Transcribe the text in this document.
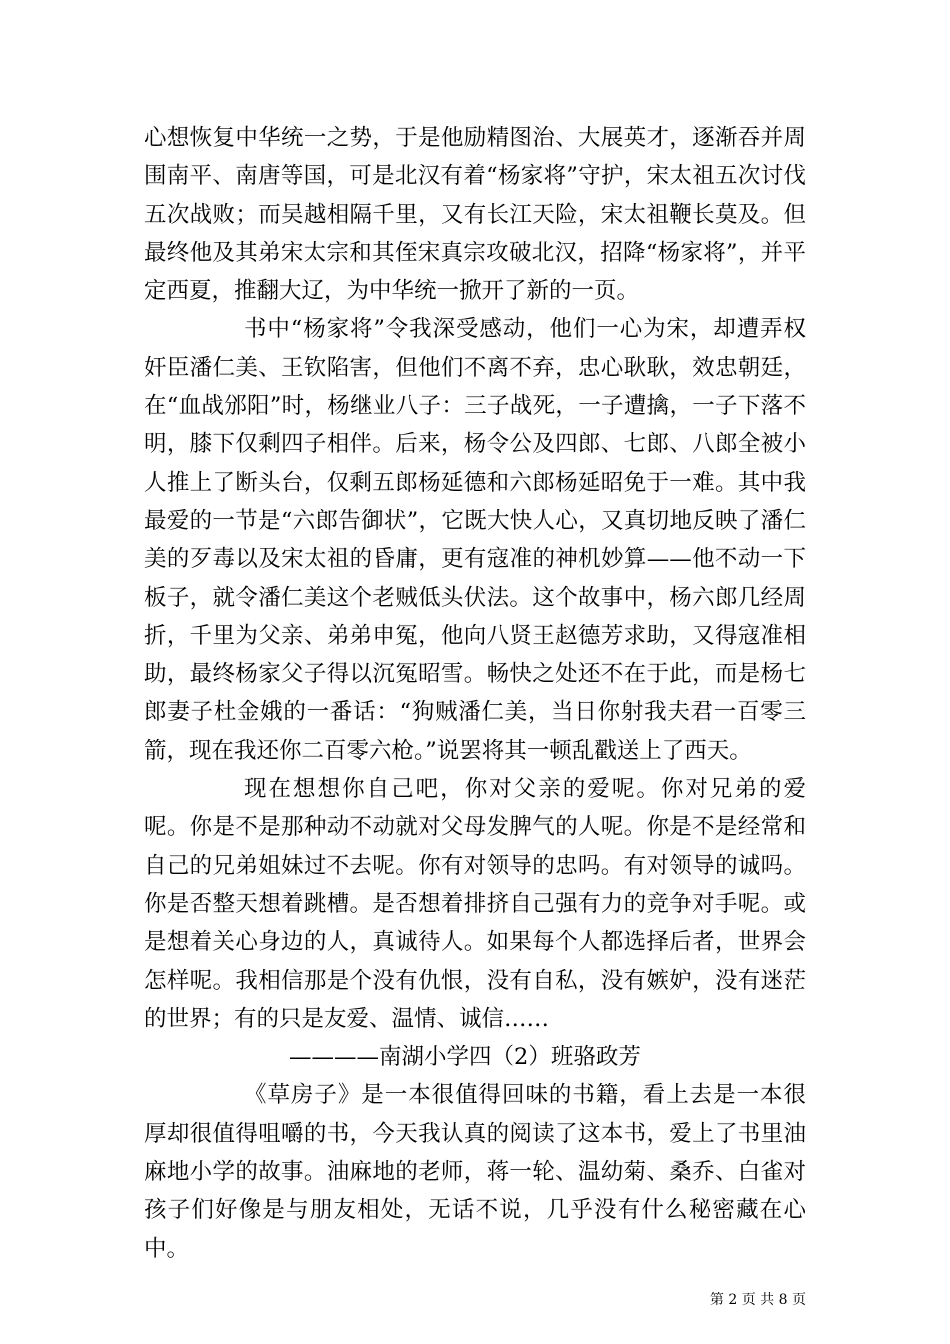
心想恢复中华统一之势，于是他励精图治、大展英才，逐渐吞并周围南平、南唐等国，可是北汉有着“杨家将”守护，宋太祖五次讨伐五次战败；而吴越相隔千里，又有长江天险，宋太祖鞭长莫及。但最终他及其弟宋太宗和其侄宋真宗攻破北汉，招降“杨家将”，并平定西夏，推翻大辽，为中华统一掀开了新的一页。

书中“杨家将”令我深受感动，他们一心为宋，却遭弄权奸臣潘仁美、王钦陷害，但他们不离不弃，忠心耿耿，效忠朝廷，在“血战邠阳”时，杨继业八子：三子战死，一子遭擒，一子下落不明，膝下仅剩四子相伴。后来，杨令公及四郎、七郎、八郎全被小人推上了断头台，仅剩五郎杨延德和六郎杨延昭免于一难。其中我最爱的一节是“六郎告御状”，它既大快人心，又真切地反映了潘仁美的歹毒以及宋太祖的昏庸，更有寇准的神机妙算——他不动一下板子，就令潘仁美这个老贼低头伏法。这个故事中，杨六郎几经周折，千里为父亲、弟弟申冤，他向八贤王赵德芳求助，又得寇准相助，最终杨家父子得以沉冤昭雪。畅快之处还不在于此，而是杨七郎妻子杜金娥的一番话：“狗贼潘仁美，当日你射我夫君一百零三箭，现在我还你二百零六枪。”说罢将其一顿乱戳送上了西天。

现在想想你自己吧，你对父亲的爱呢。你对兄弟的爱呢。你是不是那种动不动就对父母发脾气的人呢。你是不是经常和自己的兄弟姐妹过不去呢。你有对领导的忠吗。有对领导的诚吗。你是否整天想着跳槽。是否想着排挤自己强有力的竞争对手呢。或是想着关心身边的人，真诚待人。如果每个人都选择后者，世界会怎样呢。我相信那是个没有仇恨，没有自私，没有嫉妒，没有迷茫的世界；有的只是友爱、温情、诚信……

————南湖小学四（2）班骆政芳

《草房子》是一本很值得回味的书籍，看上去是一本很厚却很值得咀嚼的书，今天我认真的阅读了这本书，爱上了书里油麻地小学的故事。油麻地的老师，蒋一轮、温幼菊、桑乔、白雀对孩子们好像是与朋友相处，无话不说，几乎没有什么秘密藏在心中。

第 2 页 共 8 页
